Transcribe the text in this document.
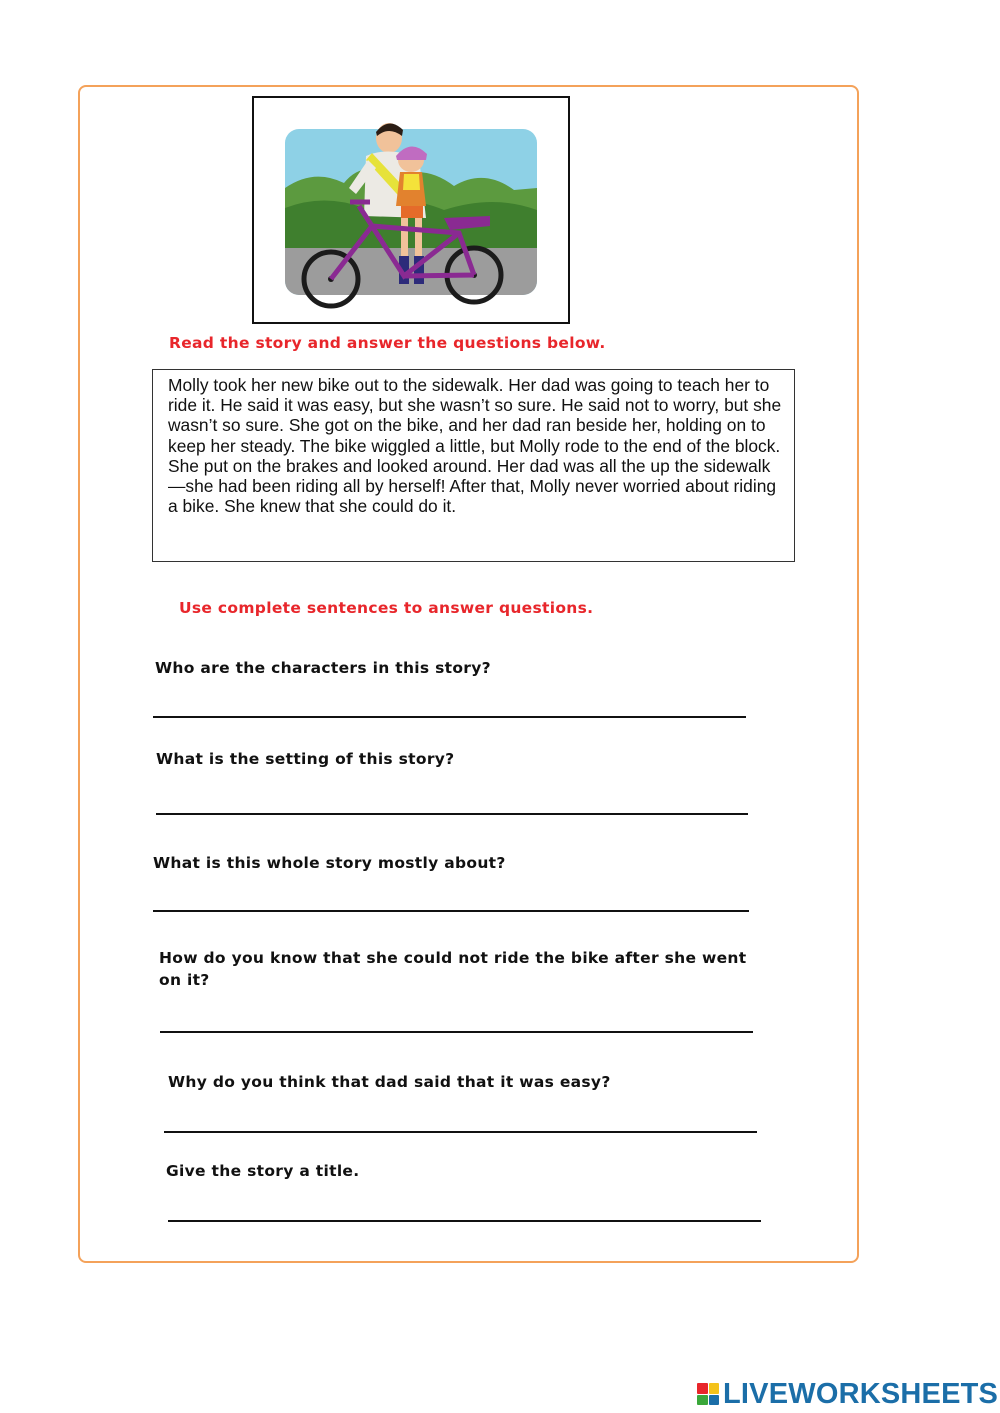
Read the story and answer the questions below.

Molly took her new bike out to the sidewalk. Her dad was going to teach her to ride it. He said it was easy, but she wasn’t so sure. He said not to worry, but she wasn’t so sure. She got on the bike, and her dad ran beside her, holding on to keep her steady. The bike wiggled a little, but Molly rode to the end of the block. She put on the brakes and looked around. Her dad was all the up the sidewalk—she had been riding all by herself! After that, Molly never worried about riding a bike. She knew that she could do it.

Use complete sentences to answer questions.
Who are the characters in this story?
What is the setting of this story?
What is this whole story mostly about?
How do you know that she could not ride the bike after she went on it?
Why do you think that dad said that it was easy?
Give the story a title.
LIVEWORKSHEETS
